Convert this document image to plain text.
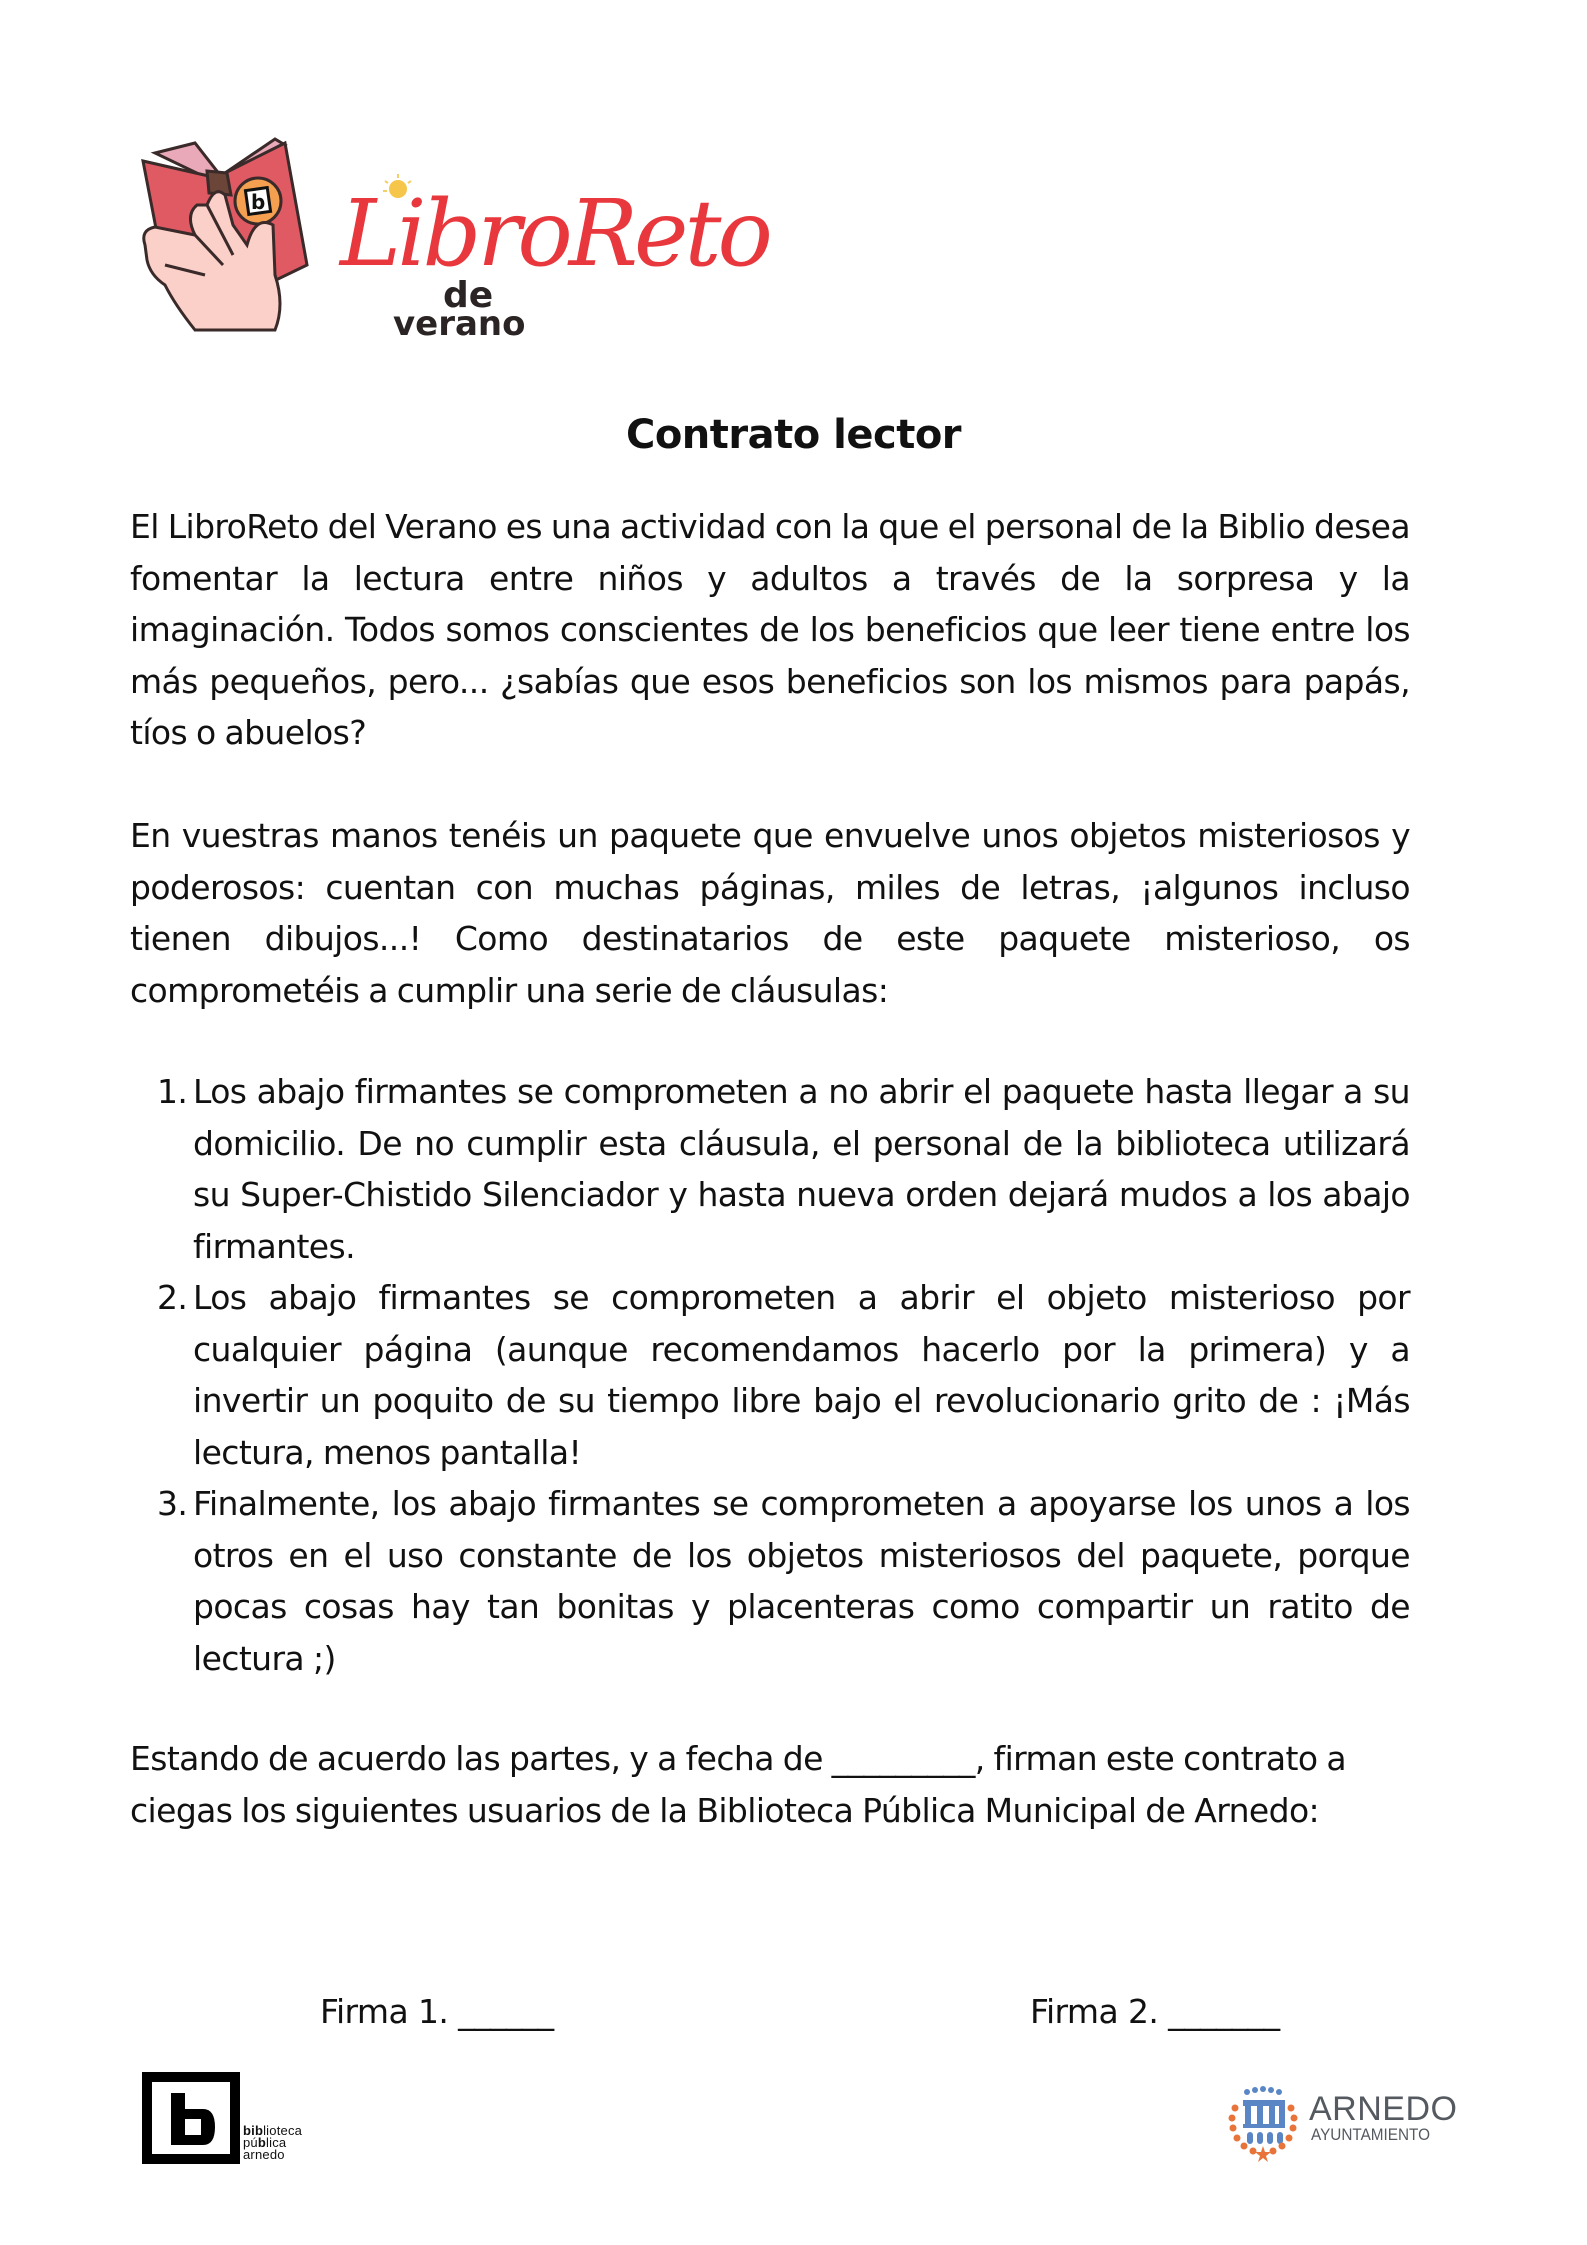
b LibroReto
de
verano
Contrato lector

El LibroReto del Verano es una actividad con la que el personal de la Biblio desea fomentar la lectura entre niños y adultos a través de la sorpresa y la imaginación. Todos somos conscientes de los beneficios que leer tiene entre los más pequeños, pero... ¿sabías que esos beneficios son los mismos para papás, tíos o abuelos?

En vuestras manos tenéis un paquete que envuelve unos objetos misteriosos y poderosos: cuentan con muchas páginas, miles de letras, ¡algunos incluso tienen dibujos...! Como destinatarios de este paquete misterioso, os comprometéis a cumplir una serie de cláusulas:

1. Los abajo firmantes se comprometen a no abrir el paquete hasta llegar a su domicilio. De no cumplir esta cláusula, el personal de la biblioteca utilizará su Super-Chistido Silenciador y hasta nueva orden dejará mudos a los abajo firmantes.
2. Los abajo firmantes se comprometen a abrir el objeto misterioso por cualquier página (aunque recomendamos hacerlo por la primera) y a invertir un poquito de su tiempo libre bajo el revolucionario grito de : ¡Más lectura, menos pantalla!
3. Finalmente, los abajo firmantes se comprometen a apoyarse los unos a los otros en el uso constante de los objetos misteriosos del paquete, porque pocas cosas hay tan bonitas y placenteras como compartir un ratito de lectura ;)

Estando de acuerdo las partes, y a fecha de _________, firman este contrato a ciegas los siguientes usuarios de la Biblioteca Pública Municipal de Arnedo:

Firma 1. ______	Firma 2. _______
biblioteca
pública
arnedo
ARNEDO
AYUNTAMIENTO
